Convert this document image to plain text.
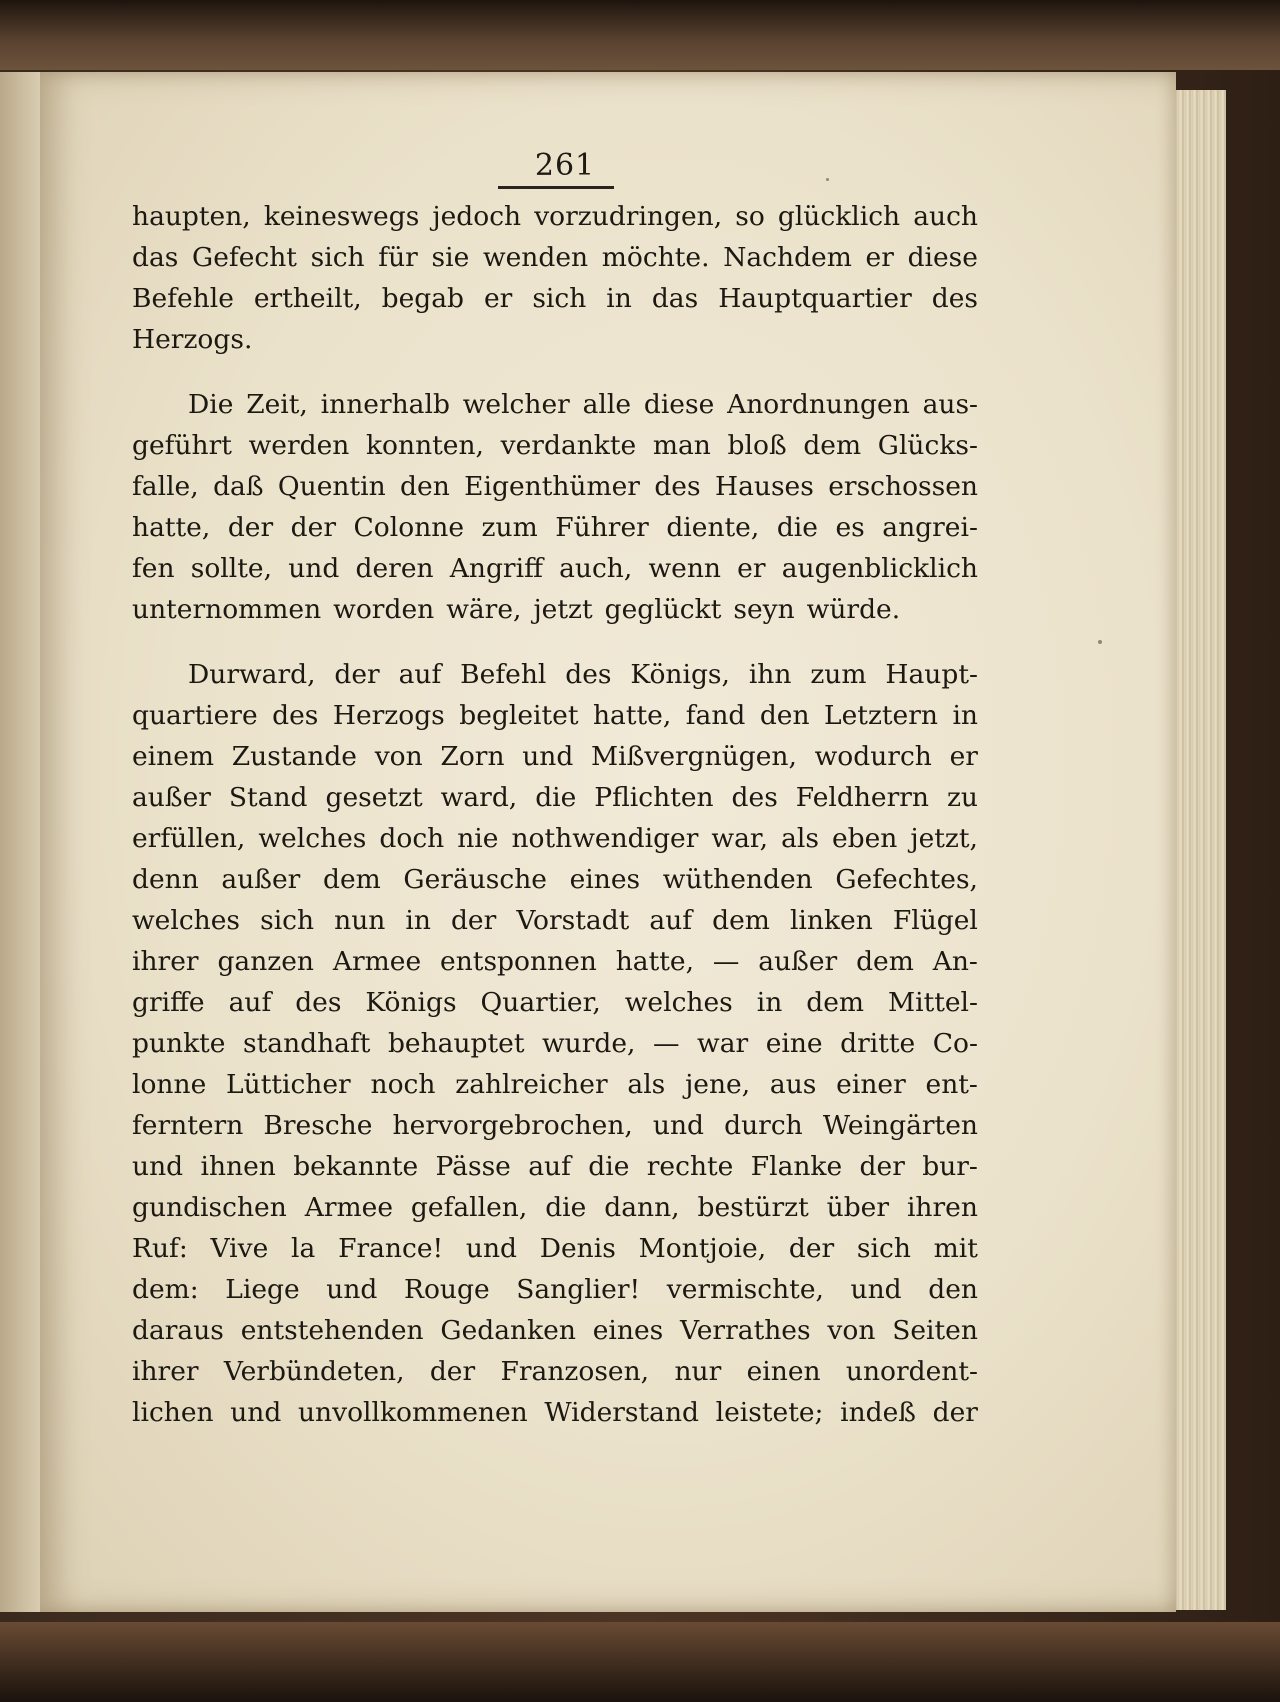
261
haupten, keineswegs jedoch vorzudringen, so glücklich auch
das Gefecht sich für sie wenden möchte. Nachdem er diese
Befehle ertheilt, begab er sich in das Hauptquartier des
Herzogs.
Die Zeit, innerhalb welcher alle diese Anordnungen aus-
geführt werden konnten, verdankte man bloß dem Glücks-
falle, daß Quentin den Eigenthümer des Hauses erschossen
hatte, der der Colonne zum Führer diente, die es angrei-
fen sollte, und deren Angriff auch, wenn er augenblicklich
unternommen worden wäre, jetzt geglückt seyn würde.
Durward, der auf Befehl des Königs, ihn zum Haupt-
quartiere des Herzogs begleitet hatte, fand den Letztern in
einem Zustande von Zorn und Mißvergnügen, wodurch er
außer Stand gesetzt ward, die Pflichten des Feldherrn zu
erfüllen, welches doch nie nothwendiger war, als eben jetzt,
denn außer dem Geräusche eines wüthenden Gefechtes,
welches sich nun in der Vorstadt auf dem linken Flügel
ihrer ganzen Armee entsponnen hatte, — außer dem An-
griffe auf des Königs Quartier, welches in dem Mittel-
punkte standhaft behauptet wurde, — war eine dritte Co-
lonne Lütticher noch zahlreicher als jene, aus einer ent-
ferntern Bresche hervorgebrochen, und durch Weingärten
und ihnen bekannte Pässe auf die rechte Flanke der bur-
gundischen Armee gefallen, die dann, bestürzt über ihren
Ruf: Vive la France! und Denis Montjoie, der sich mit
dem: Liege und Rouge Sanglier! vermischte, und den
daraus entstehenden Gedanken eines Verrathes von Seiten
ihrer Verbündeten, der Franzosen, nur einen unordent-
lichen und unvollkommenen Widerstand leistete; indeß der
